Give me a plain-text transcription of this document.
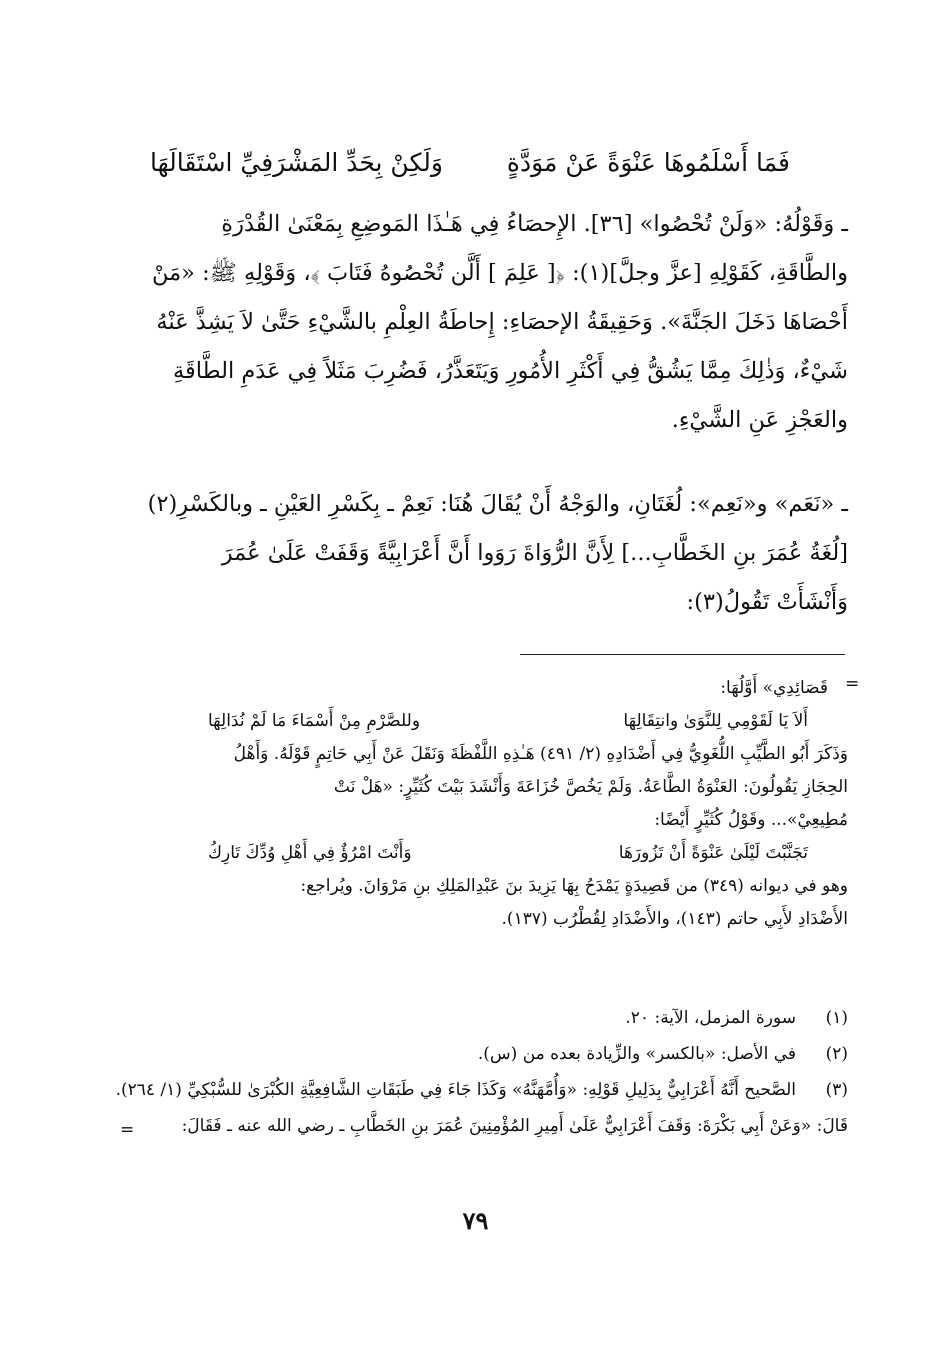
فَمَا أَسْلَمُوهَا عَنْوَةً عَنْ مَوَدَّةٍ
وَلَكِنْ بِحَدِّ المَشْرَفِيِّ اسْتَقَالَهَا
ـ وَقَوْلُهُ: «وَلَنْ تُحْصُوا» [٣٦]. الإِحصَاءُ فِي هَـٰذَا المَوضِعِ بِمَعْنَىٰ القُدْرَةِ
والطَّاقَةِ، كَقَوْلِهِ [عزَّ وجلَّ](١): ﴿[ عَلِمَ ] أَلَّن تُحْصُوهُ فَتَابَ ﴾، وَقَوْلِهِ ﷺ: «مَنْ
أَحْصَاهَا دَخَلَ الجَنَّةَ». وَحَقِيقَةُ الإحصَاءِ: إِحاطَةُ العِلْمِ بالشَّيْءِ حَتَّىٰ لاَ يَشِذَّ عَنْهُ
شَيْءٌ، وَذٰلِكَ مِمَّا يَشُقُّ فِي أَكْثَرِ الأُمُورِ وَيَتَعَذَّرُ، فَضُرِبَ مَثَلاً فِي عَدَمِ الطَّاقَةِ
والعَجْزِ عَنِ الشَّيْءِ.
ـ «نَعَم» و«نَعِم»: لُغَتَانِ، والوَجْهُ أَنْ يُقَالَ هُنَا: نَعِمْ ـ بِكَسْرِ العَيْنِ ـ وبالكَسْرِ(٢)
[لُغَةُ عُمَرَ بنِ الخَطَّابِ...] لِأَنَّ الرُّوَاةَ رَوَوا أَنَّ أَعْرَابِيَّةً وَقَفَتْ عَلَىٰ عُمَرَ
وَأَنْشَأَتْ تَقُولُ(٣):
=
قَصَائِدِي» أَوَّلُهَا:
أَلاَ يَا لَقَوْمِي لِلنَّوَىٰ وانتِقَالِهَا
وللصَّرْمِ مِنْ أَسْمَاءَ مَا لَمْ نُدَالِهَا
وَذَكَرَ أَبُو الطَّيِّبِ اللُّغَوِيُّ فِي أَضْدَادِهِ (٢/ ٤٩١) هَـٰذِهِ اللَّفْظَةَ وَنَقَلَ عَنْ أَبِي حَاتِمٍ قَوْلَهُ. وَأَهْلُ
الحِجَازِ يَقُولُونَ: العَنْوَةُ الطَّاعَةُ. وَلَمْ يَخُصَّ خُزَاعَةَ وَأَنْشَدَ بَيْتَ كُثَيِّرٍ: «هَلْ نَتْ
مُطِيعِيْ»... وقَوْلُ كُثَيِّرٍ أَيْضًا:
تَجَنَّبْتَ لَيْلَىٰ عَنْوَةً أَنْ تَزُورَهَا
وَأَنْتَ امْرُؤٌ فِي أَهْلِ وُدِّكَ تَارِكُ
وهو في ديوانه (٣٤٩) من قَصِيدَةٍ يَمْدَحُ بِهَا يَزِيدَ بنَ عَبْدِالمَلِكِ بنِ مَرْوَانَ. ويُراجع:
الأَضْدَادِ لأَبِي حاتم (١٤٣)، والأَضْدَادِ لِقُطْرُب (١٣٧).
(١)
سورة المزمل، الآية: ٢٠.
(٢)
في الأصل: «بالكسر» والزِّيادة بعده من (س).
(٣)
الصَّحيح أَنَّهُ أَعْرَابِيٌّ بِدَلِيلِ قَوْلِهِ: «وَأُمَّهَنَّهُ» وَكَذَا جَاءَ فِي طَبَقَاتِ الشَّافِعِيَّةِ الكُبْرَىٰ للسُّبْكِيِّ (١/ ٢٦٤).
قَالَ: «وَعَنْ أَبِي بَكْرَةَ: وَقَفَ أَعْرَابِيٌّ عَلَىٰ أَمِيرِ المُؤْمِنِينَ عُمَرَ بنِ الخَطَّابِ ـ رضي الله عنه ـ فَقَالَ:
=
٧٩
